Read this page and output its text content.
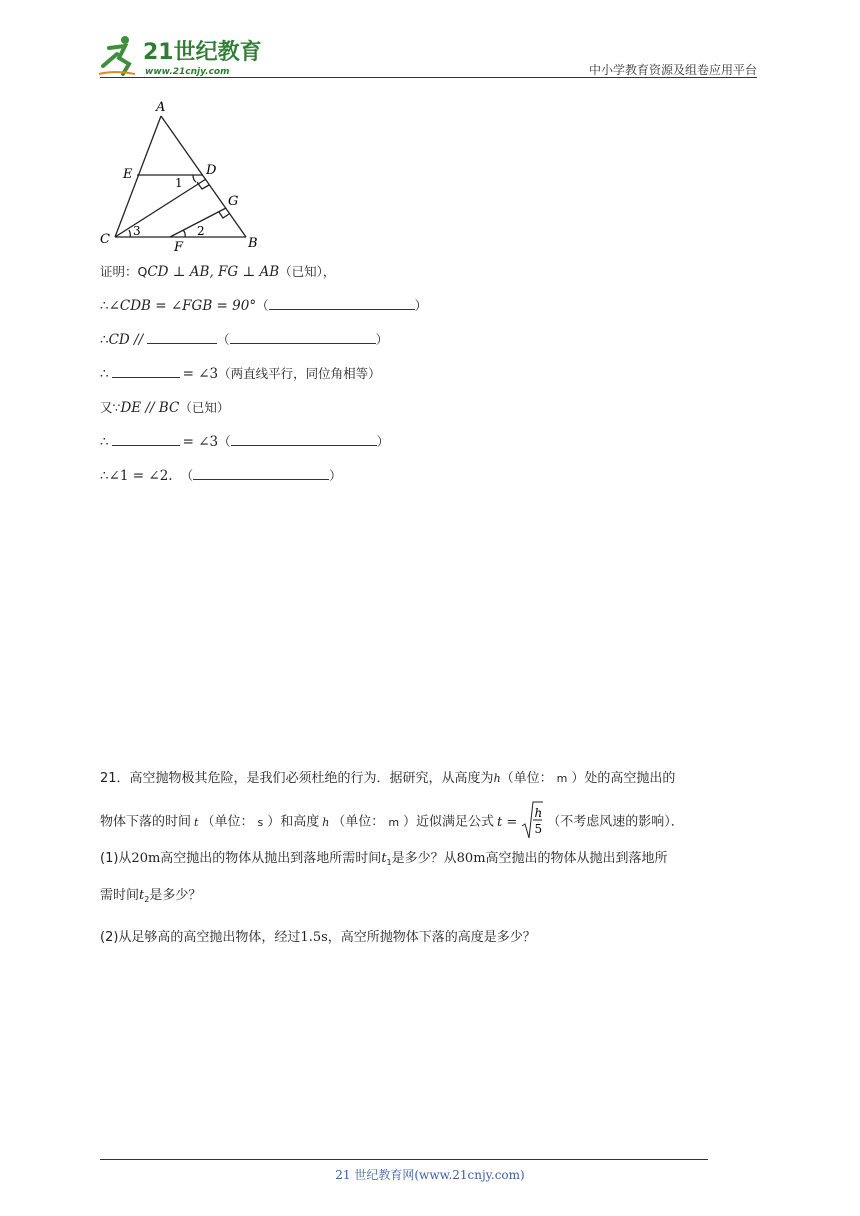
21世纪教育
www.21cnjy.com	中小学教育资源及组卷应用平台
A
E	D
G
C
F	B
1
2
3
证明：QCD ⊥ AB, FG ⊥ AB（已知），
∴∠CDB = ∠FGB = 90°（	）
∴CD //	（	）
∴	= ∠3（两直线平行，同位角相等）
又∵DE // BC（已知）
∴	= ∠3（	）
∴∠1 = ∠2. （	）
21．高空抛物极其危险，是我们必须杜绝的行为．据研究，从高度为h（单位： m ）处的高空抛出的
物体下落的时间 t （单位： s ）和高度 h （单位： m ）近似满足公式 t =
h
5 （不考虑风速的影响）．
(1)从20m高空抛出的物体从抛出到落地所需时间$t_1$是多少？从80m高空抛出的物体从抛出到落地所
需时间$t_2$是多少？
(2)从足够高的高空抛出物体，经过1.5s，高空所抛物体下落的高度是多少？
21 世纪教育网(www.21cnjy.com)
